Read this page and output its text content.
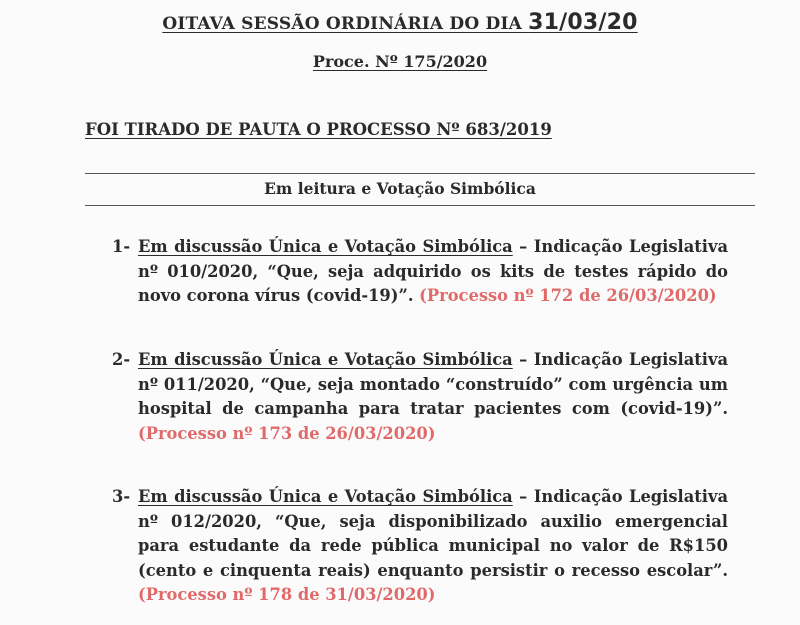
OITAVA SESSÃO ORDINÁRIA DO DIA 31/03/20
Proce. Nº 175/2020
FOI TIRADO DE PAUTA O PROCESSO Nº 683/2019
Em leitura e Votação Simbólica
1- Em discussão Única e Votação Simbólica – Indicação Legislativa nº 010/2020, “Que, seja adquirido os kits de testes rápido do novo corona vírus (covid-19)”. (Processo nº 172 de 26/03/2020)
2- Em discussão Única e Votação Simbólica – Indicação Legislativa nº 011/2020, “Que, seja montado “construído” com urgência um hospital de campanha para tratar pacientes com (covid-19)”. (Processo nº 173 de 26/03/2020)
3- Em discussão Única e Votação Simbólica – Indicação Legislativa nº 012/2020, “Que, seja disponibilizado auxilio emergencial para estudante da rede pública municipal no valor de R$150 (cento e cinquenta reais) enquanto persistir o recesso escolar”. (Processo nº 178 de 31/03/2020)
